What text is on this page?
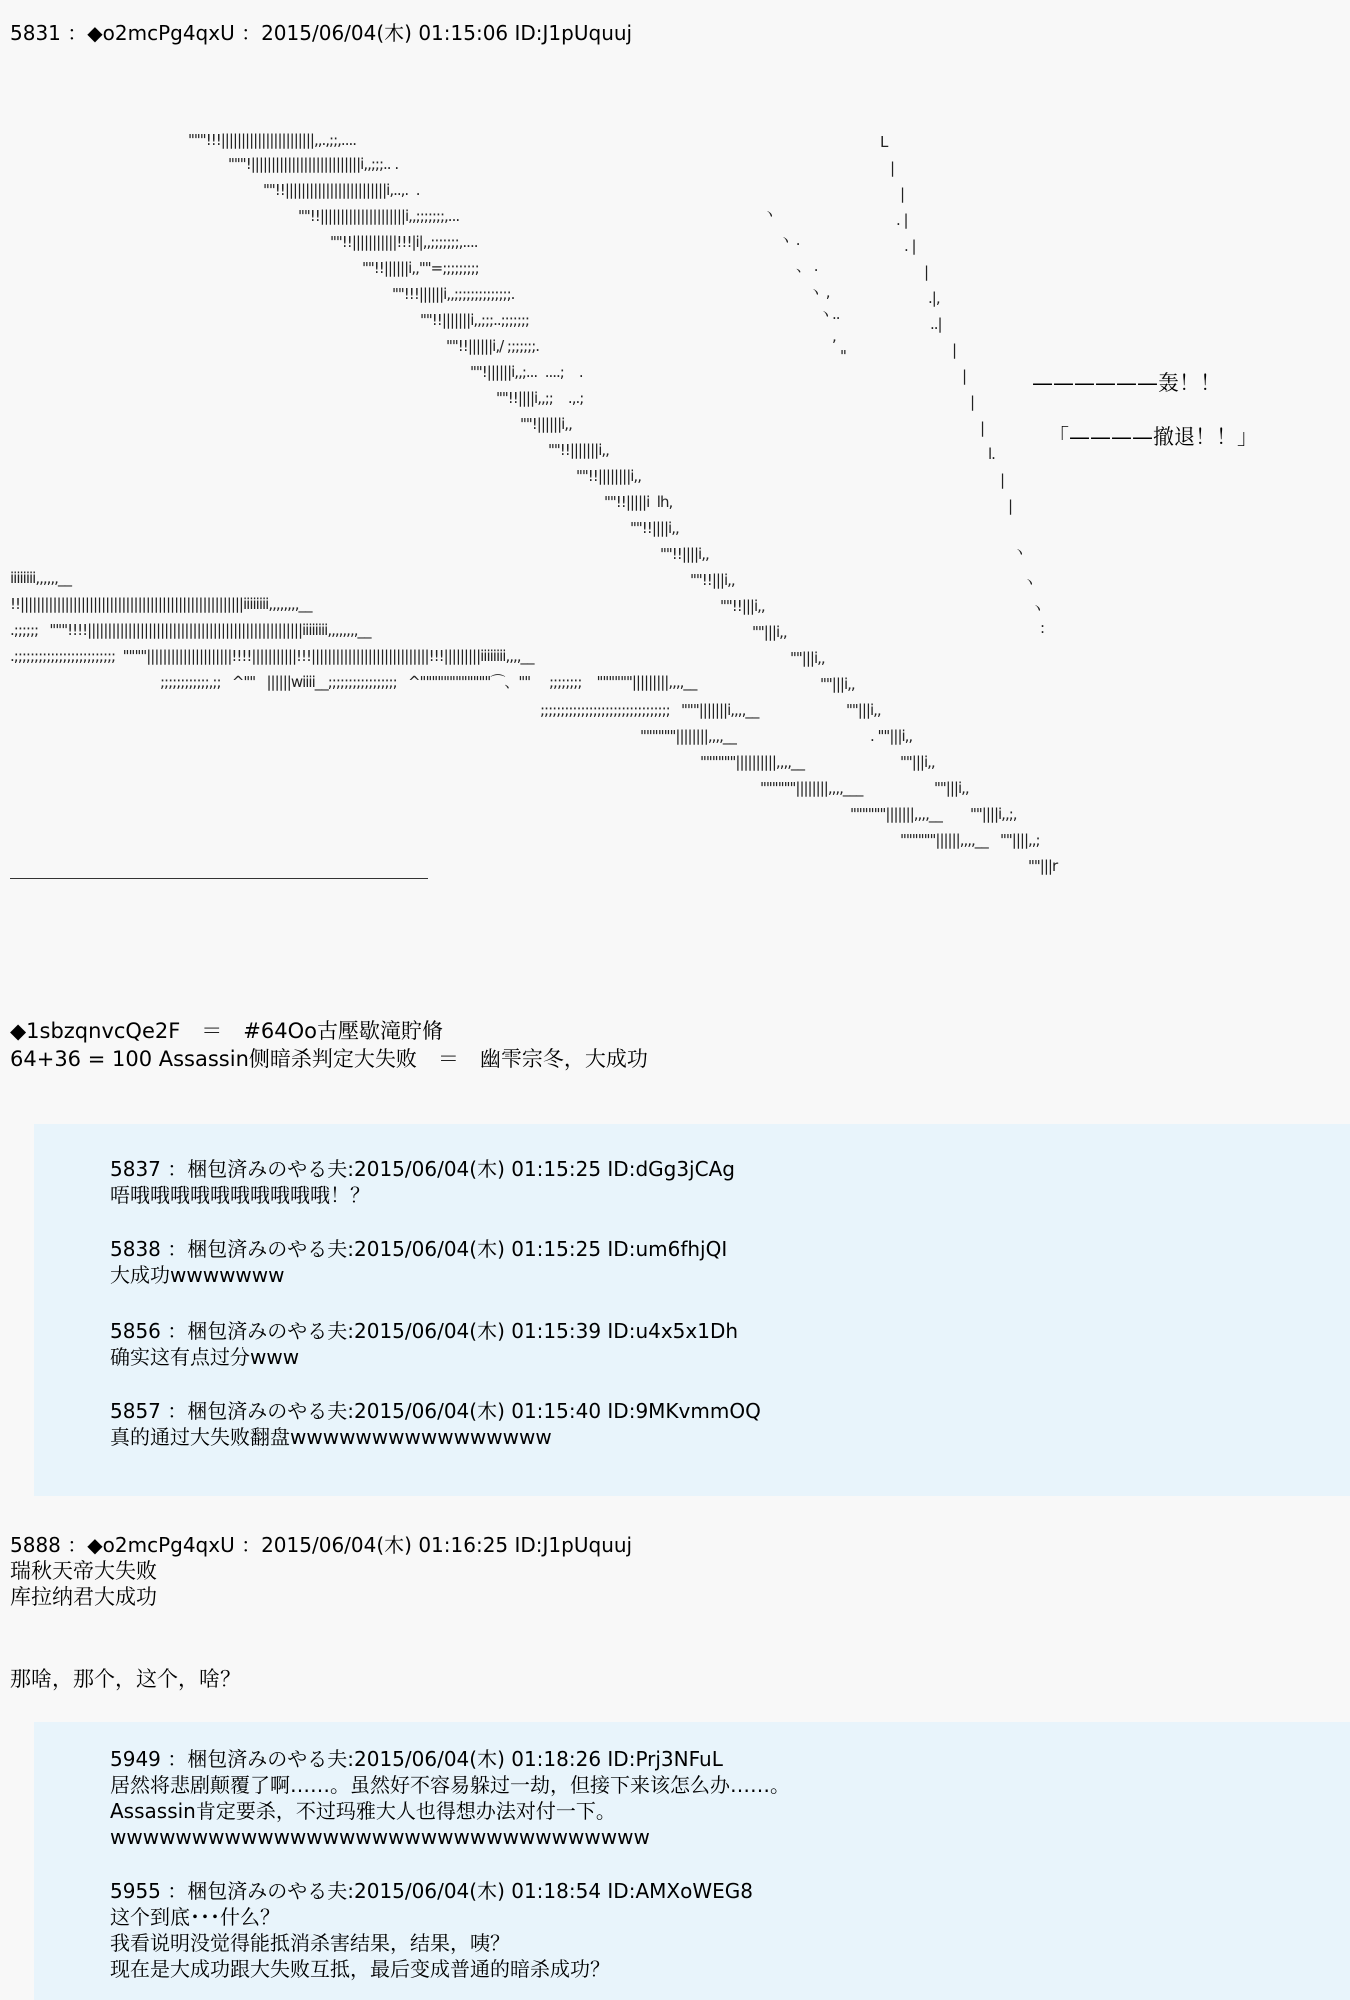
5831 ：◆o2mcPg4qxU ：2015/06/04(木) 01:15:06 ID:J1pUquuj
"""!!!|||||||||||||||||||||||,,.,;;,....
"""!|||||||||||||||||||||||||||i,,;;;.. .
""!!|||||||||||||||||||||||||i,..,.  .
""!!|||||||||||||||||||||i,,;;;;;;;,...
""!!|||||||||||!!!|i|,,;;;;;;;,....
""!!||||||i,,""=;;;;;;;;;
""!!!||||||i,,;;;;;;;;;;;;;;.
""!!|||||||i,,;;;..;;;;;;;
""!!||||||i,/ ;;;;;;;.
""!||||||i,,;...  ....;    .
""!!||||i,,;;    .,.;
""!||||||i,,
""!!|||||||i,,
""!!||||||||i,,
""!!|||||i  lh,
""!!||||i,,
""!!||||i,,
""!!|||i,,
""!!|||i,,
""|||i,,
""|||i,,
""|||i,,
""|||i,,
. ""|||i,,
""|||i,,
""|||i,,
""||||i,,;,
""||||,,;
""|||r
iiiiiiii,,,,,,__
!!|||||||||||||||||||||||||||||||||||||||||||||||||||||||iiiiiiii,,,,,,,,__
.;;;;;;   """!!!!|||||||||||||||||||||||||||||||||||||||||||||||||||||iiiiiiii,,,,,,,,__
.;;;;;;;;;;;;;;;;;;;;;;;;;  """"|||||||||||||||||||||!!!!|||||||||||!!!|||||||||||||||||||||||||||||!!!|||||||||iiiiiiii,,,,__
;;;;;;;;;;;;,;;   ^""   ||||||wiiii__;;;;;;;;;;;;;;;;;   ^""""""""""""⌒、""     ;;;;;;;;    """"""|||||||||,,,,__
;;;;;;;;;;;;;;;;;;;;;;;;;;;;;;;;   """|||||||i,,,,__
""""""||||||||,,,,__
""""""||||||||||,,,,__
""""""||||||||,,,,___
""""""|||||||,,,,__
""""""||||||,,,,__
L
|
|
. |
. |
|
.|,
..|
|
|
|
|
l.
|
|
ヽ
ヽ
ヽ
:
ヽ
ヽ .
、 .
ヽ ,
ヽ..
,
"
——————轰！！
「————撤退！！」
◆1sbzqnvcQe2F　＝　#64Oo古壓歇滝貯脩
64+36 = 100 Assassin侧暗杀判定大失败　＝　幽雫宗冬，大成功
5837 ：梱包済みのやる夫:2015/06/04(木) 01:15:25 ID:dGg3jCAg
唔哦哦哦哦哦哦哦哦哦哦！？
5838 ：梱包済みのやる夫:2015/06/04(木) 01:15:25 ID:um6fhjQI
大成功wwwwwww
5856 ：梱包済みのやる夫:2015/06/04(木) 01:15:39 ID:u4x5x1Dh
确实这有点过分www
5857 ：梱包済みのやる夫:2015/06/04(木) 01:15:40 ID:9MKvmmOQ
真的通过大失败翻盘wwwwwwwwwwwwwwww
5888 ：◆o2mcPg4qxU ：2015/06/04(木) 01:16:25 ID:J1pUquuj
瑞秋天帝大失败
库拉纳君大成功
那啥，那个，这个，啥？
5949 ：梱包済みのやる夫:2015/06/04(木) 01:18:26 ID:Prj3NFuL
居然将悲剧颠覆了啊……。虽然好不容易躲过一劫，但接下来该怎么办……。
Assassin肯定要杀，不过玛雅大人也得想办法对付一下。
wwwwwwwwwwwwwwwwwwwwwwwwwwwwwwwww
5955 ：梱包済みのやる夫:2015/06/04(木) 01:18:54 ID:AMXoWEG8
这个到底･･･什么？
我看说明没觉得能抵消杀害结果，结果，咦？
现在是大成功跟大失败互抵，最后变成普通的暗杀成功？
